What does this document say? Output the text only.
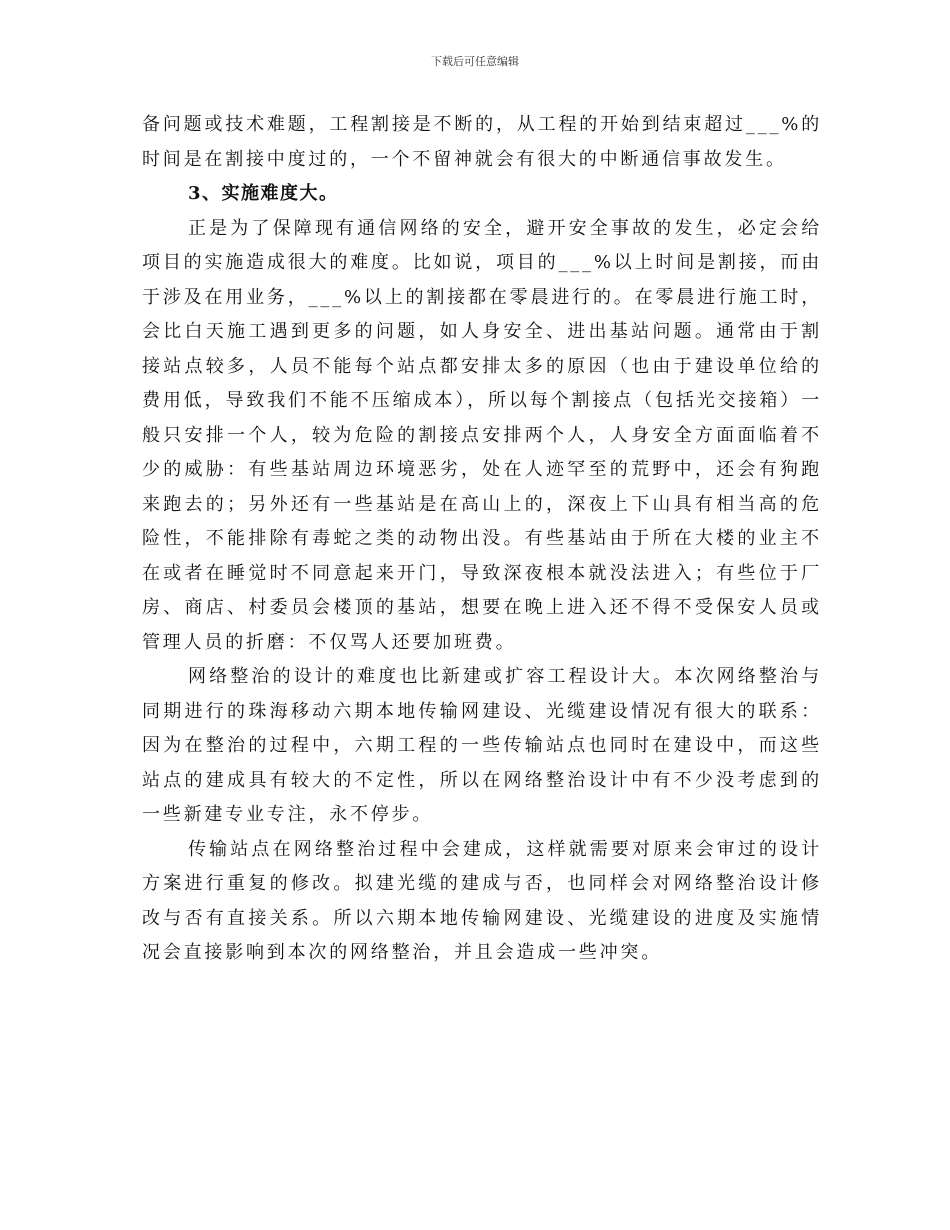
下载后可任意编辑

备问题或技术难题，工程割接是不断的，从工程的开始到结束超过___%的时间是在割接中度过的，一个不留神就会有很大的中断通信事故发生。

3、实施难度大。

正是为了保障现有通信网络的安全，避开安全事故的发生，必定会给项目的实施造成很大的难度。比如说，项目的___%以上时间是割接，而由于涉及在用业务，___%以上的割接都在零晨进行的。在零晨进行施工时，会比白天施工遇到更多的问题，如人身安全、进出基站问题。通常由于割接站点较多，人员不能每个站点都安排太多的原因（也由于建设单位给的费用低，导致我们不能不压缩成本），所以每个割接点（包括光交接箱）一般只安排一个人，较为危险的割接点安排两个人，人身安全方面面临着不少的威胁：有些基站周边环境恶劣，处在人迹罕至的荒野中，还会有狗跑来跑去的；另外还有一些基站是在高山上的，深夜上下山具有相当高的危险性，不能排除有毒蛇之类的动物出没。有些基站由于所在大楼的业主不在或者在睡觉时不同意起来开门，导致深夜根本就没法进入；有些位于厂房、商店、村委员会楼顶的基站，想要在晚上进入还不得不受保安人员或管理人员的折磨：不仅骂人还要加班费。

网络整治的设计的难度也比新建或扩容工程设计大。本次网络整治与同期进行的珠海移动六期本地传输网建设、光缆建设情况有很大的联系：因为在整治的过程中，六期工程的一些传输站点也同时在建设中，而这些站点的建成具有较大的不定性，所以在网络整治设计中有不少没考虑到的一些新建专业专注，永不停步。

传输站点在网络整治过程中会建成，这样就需要对原来会审过的设计方案进行重复的修改。拟建光缆的建成与否，也同样会对网络整治设计修改与否有直接关系。所以六期本地传输网建设、光缆建设的进度及实施情况会直接影响到本次的网络整治，并且会造成一些冲突。
